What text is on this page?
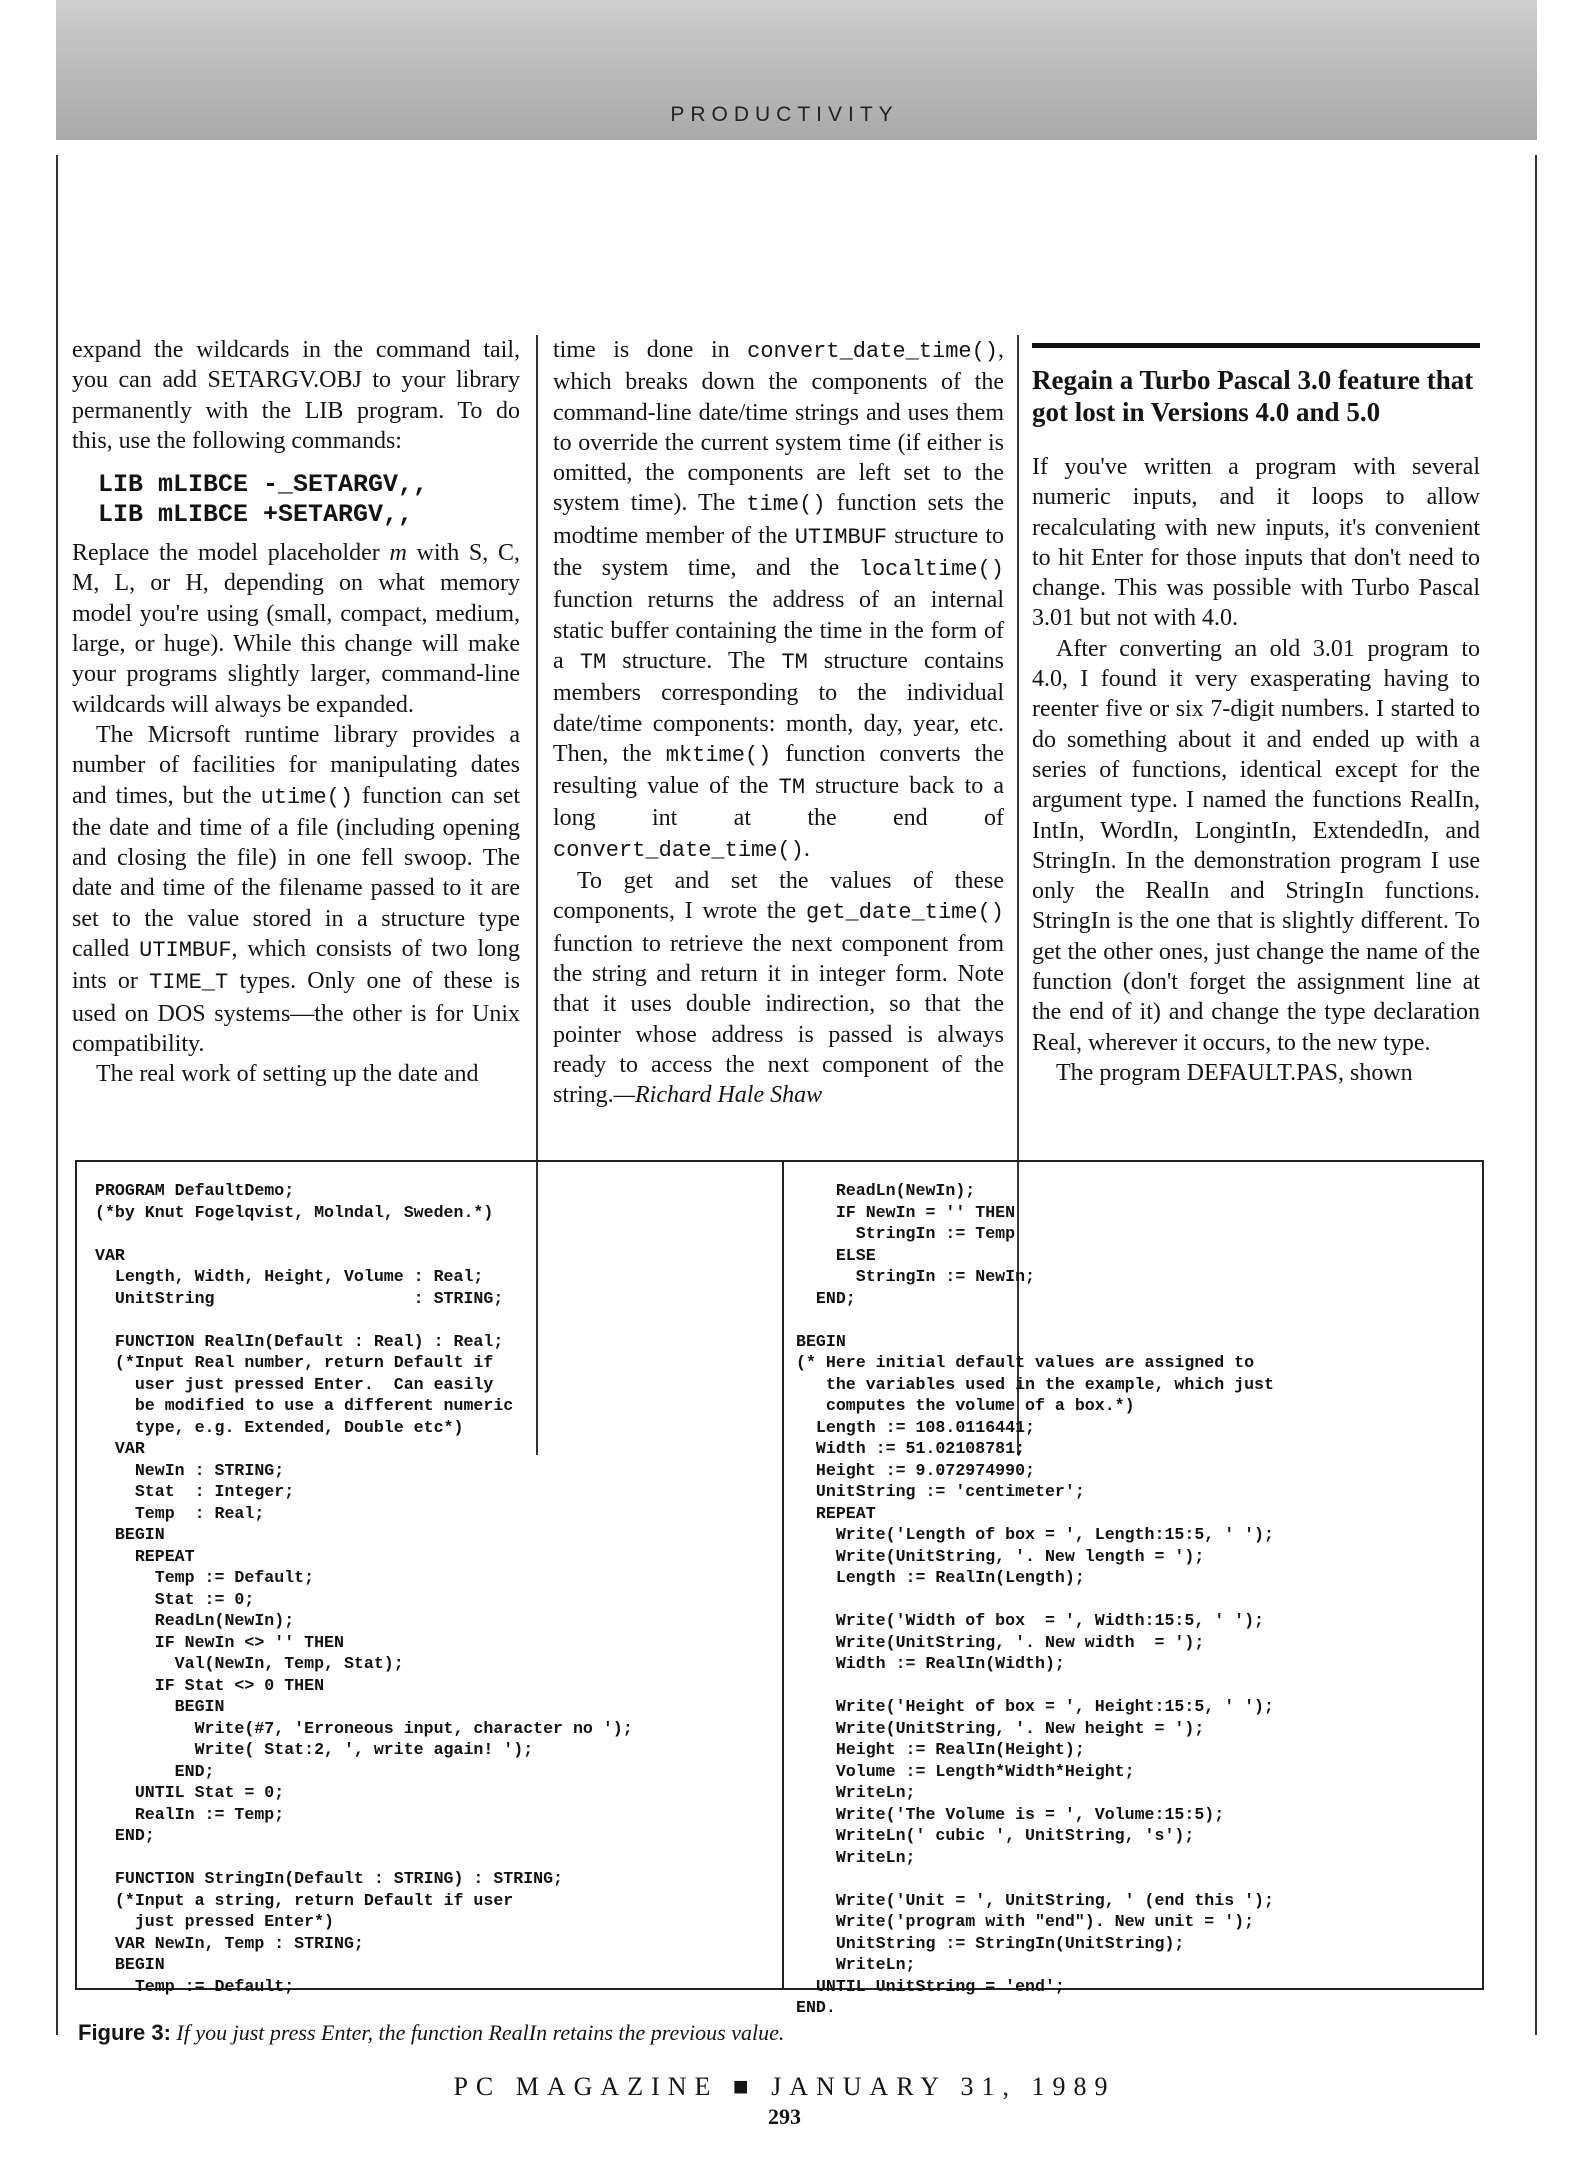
PRODUCTIVITY

expand the wildcards in the command tail, you can add SETARGV.OBJ to your library permanently with the LIB program. To do this, use the following commands:

LIB mLIBCE -_SETARGV,,
LIB mLIBCE +SETARGV,,

Replace the model placeholder m with S, C, M, L, or H, depending on what memory model you're using (small, compact, medium, large, or huge). While this change will make your programs slightly larger, command-line wildcards will always be expanded.

The Micrsoft runtime library provides a number of facilities for manipulating dates and times, but the utime() function can set the date and time of a file (including opening and closing the file) in one fell swoop. The date and time of the filename passed to it are set to the value stored in a structure type called UTIMBUF, which consists of two long ints or TIME_T types. Only one of these is used on DOS systems—the other is for Unix compatibility.

The real work of setting up the date and

time is done in convert_date_time(), which breaks down the components of the command-line date/time strings and uses them to override the current system time (if either is omitted, the components are left set to the system time). The time() function sets the modtime member of the UTIMBUF structure to the system time, and the localtime() function returns the address of an internal static buffer containing the time in the form of a TM structure. The TM structure contains members corresponding to the individual date/time components: month, day, year, etc. Then, the mktime() function converts the resulting value of the TM structure back to a long int at the end of convert_date_time().

To get and set the values of these components, I wrote the get_date_time() function to retrieve the next component from the string and return it in integer form. Note that it uses double indirection, so that the pointer whose address is passed is always ready to access the next component of the string.—Richard Hale Shaw

Regain a Turbo Pascal 3.0 feature that got lost in Versions 4.0 and 5.0

If you've written a program with several numeric inputs, and it loops to allow recalculating with new inputs, it's convenient to hit Enter for those inputs that don't need to change. This was possible with Turbo Pascal 3.01 but not with 4.0.

After converting an old 3.01 program to 4.0, I found it very exasperating having to reenter five or six 7-digit numbers. I started to do something about it and ended up with a series of functions, identical except for the argument type. I named the functions RealIn, IntIn, WordIn, LongintIn, ExtendedIn, and StringIn. In the demonstration program I use only the RealIn and StringIn functions. StringIn is the one that is slightly different. To get the other ones, just change the name of the function (don't forget the assignment line at the end of it) and change the type declaration Real, wherever it occurs, to the new type.

The program DEFAULT.PAS, shown

PROGRAM DefaultDemo;
(*by Knut Fogelqvist, Molndal, Sweden.*)

VAR
Length, Width, Height, Volume : Real;
UnitString                    : STRING;

FUNCTION RealIn(Default : Real) : Real;
(*Input Real number, return Default if
user just pressed Enter.  Can easily
be modified to use a different numeric
type, e.g. Extended, Double etc*)
VAR
NewIn : STRING;
Stat  : Integer;
Temp  : Real;
BEGIN
REPEAT
Temp := Default;
Stat := 0;
ReadLn(NewIn);
IF NewIn <> '' THEN
Val(NewIn, Temp, Stat);
IF Stat <> 0 THEN
BEGIN
Write(#7, 'Erroneous input, character no ');
Write( Stat:2, ', write again! ');
END;
UNTIL Stat = 0;
RealIn := Temp;
END;

FUNCTION StringIn(Default : STRING) : STRING;
(*Input a string, return Default if user
just pressed Enter*)
VAR NewIn, Temp : STRING;
BEGIN
Temp := Default;
ReadLn(NewIn);
IF NewIn = '' THEN
StringIn := Temp
ELSE
StringIn := NewIn;
END;

BEGIN
(* Here initial default values are assigned to
the variables used in the example, which just
computes the volume of a box.*)
Length := 108.0116441;
Width := 51.02108781;
Height := 9.072974990;
UnitString := 'centimeter';
REPEAT
Write('Length of box = ', Length:15:5, ' ');
Write(UnitString, '. New length = ');
Length := RealIn(Length);

Write('Width of box  = ', Width:15:5, ' ');
Write(UnitString, '. New width  = ');
Width := RealIn(Width);

Write('Height of box = ', Height:15:5, ' ');
Write(UnitString, '. New height = ');
Height := RealIn(Height);
Volume := Length*Width*Height;
WriteLn;
Write('The Volume is = ', Volume:15:5);
WriteLn(' cubic ', UnitString, 's');
WriteLn;

Write('Unit = ', UnitString, ' (end this ');
Write('program with "end"). New unit = ');
UnitString := StringIn(UnitString);
WriteLn;
UNTIL UnitString = 'end';
END.
Figure 3: If you just press Enter, the function RealIn retains the previous value.
PC MAGAZINE ■ JANUARY 31, 1989
293
